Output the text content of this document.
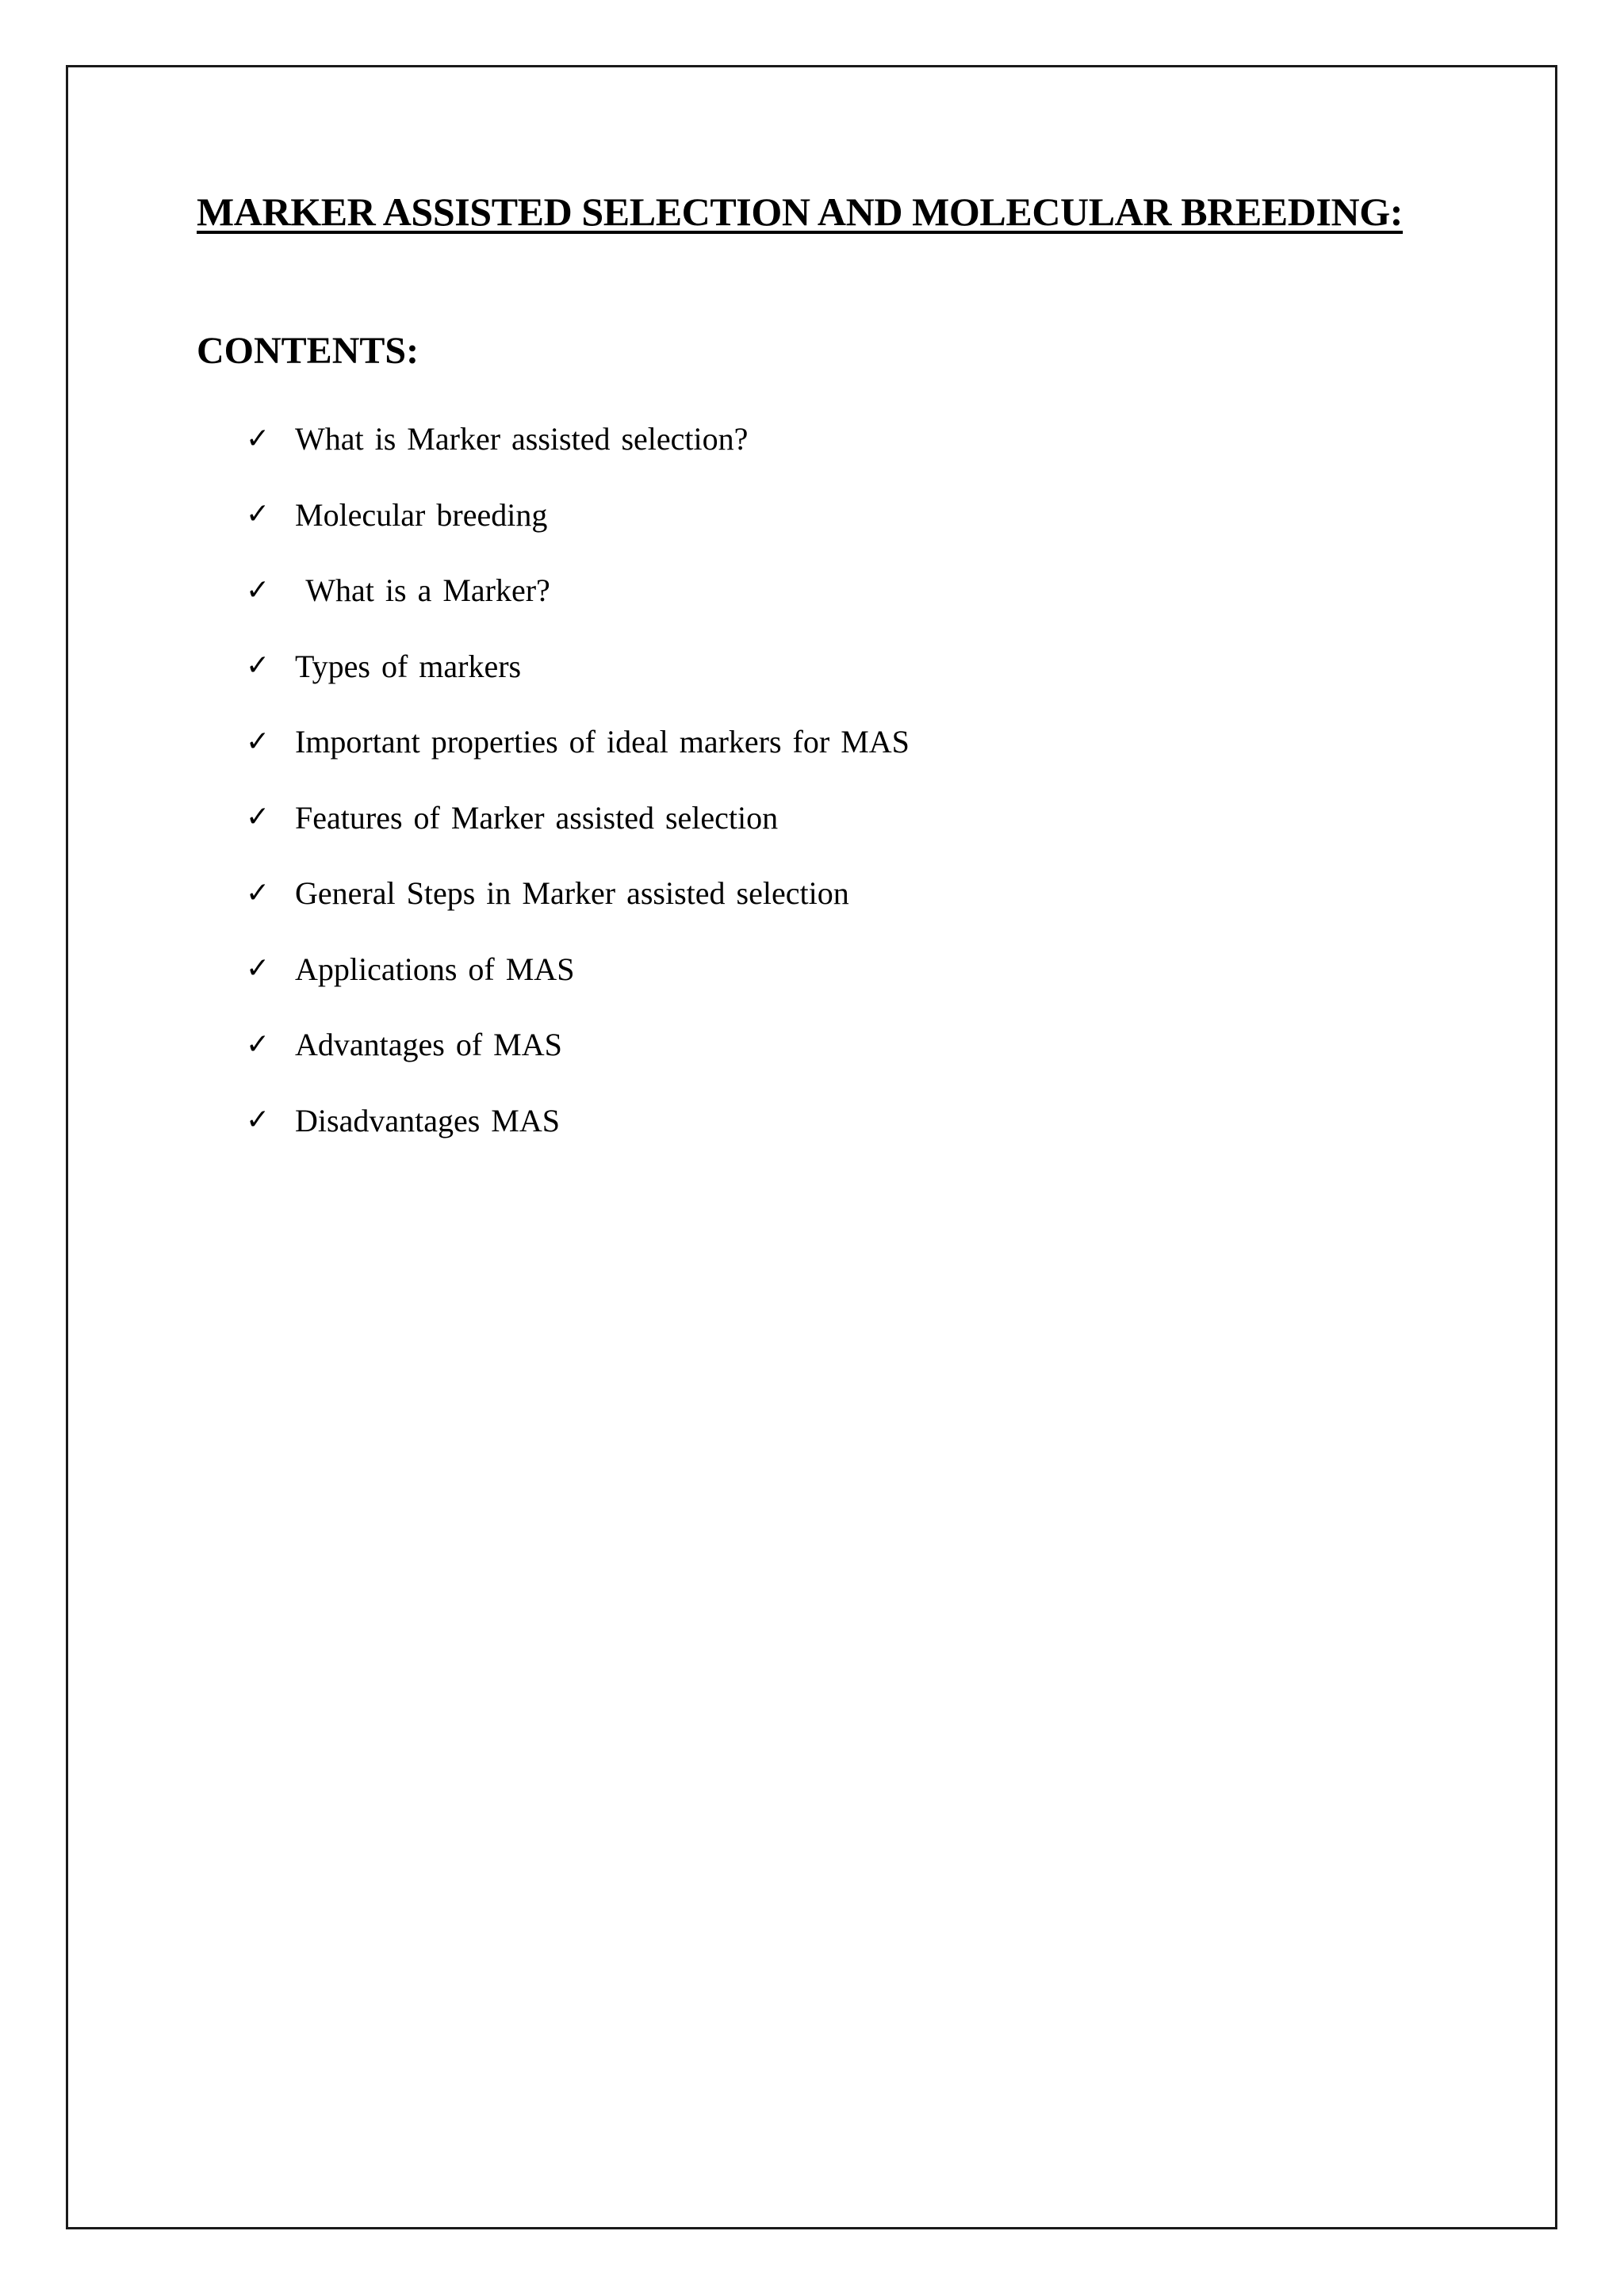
MARKER ASSISTED SELECTION AND MOLECULAR BREEDING:
CONTENTS:
✓ What is Marker assisted selection?
✓ Molecular breeding
✓ What is a Marker?
✓ Types of markers
✓ Important properties of ideal markers for MAS
✓ Features of Marker assisted selection
✓ General Steps in Marker assisted selection
✓ Applications of MAS
✓ Advantages of MAS
✓ Disadvantages MAS
